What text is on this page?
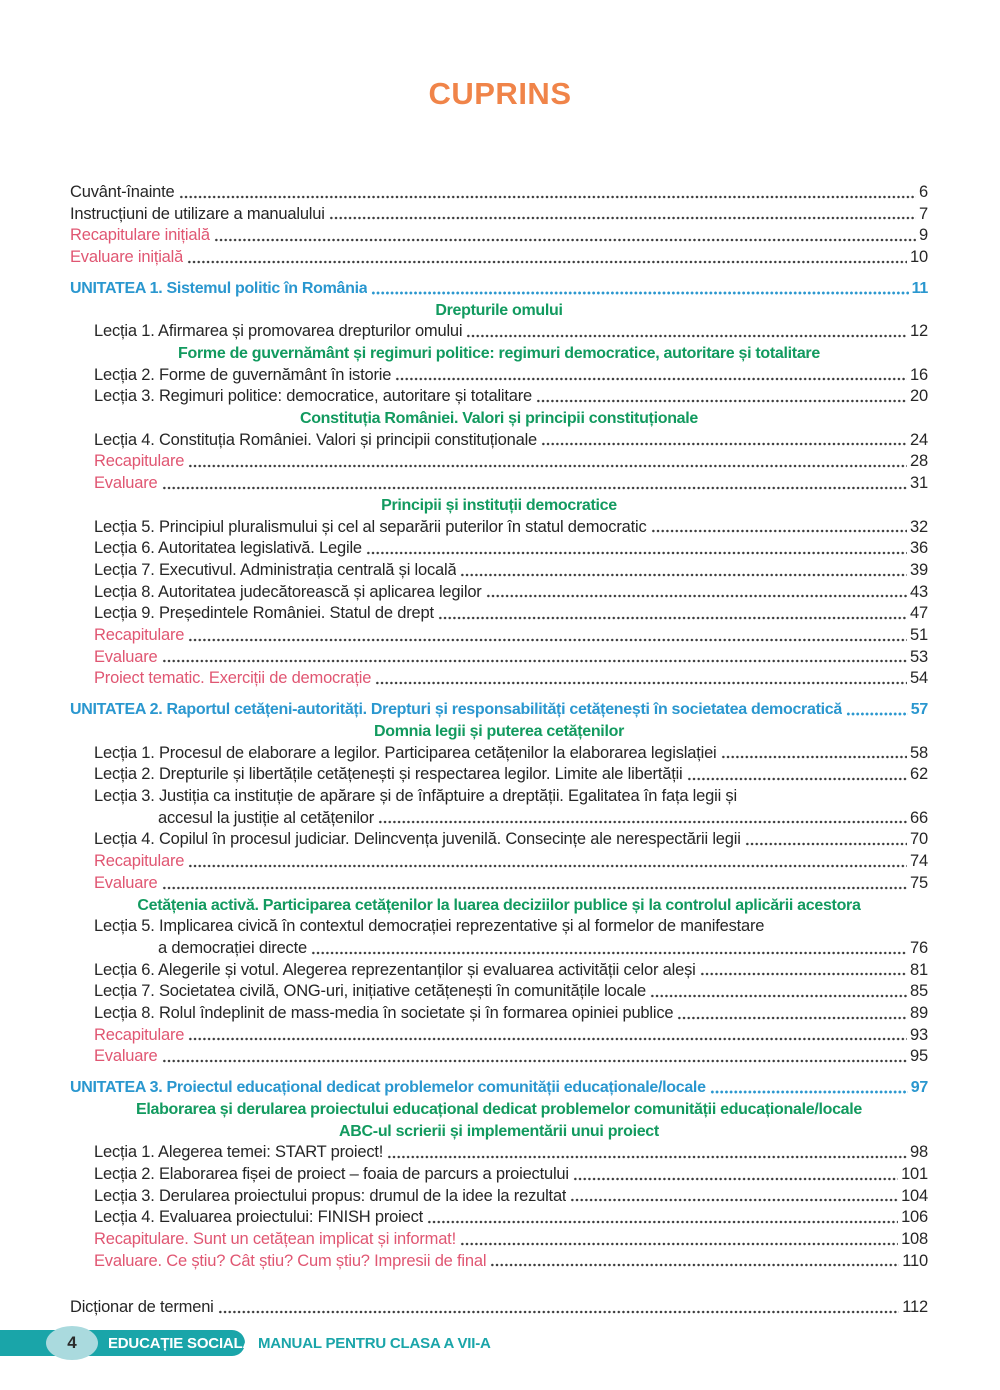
CUPRINS
Cuvânt-înainte	6
Instrucțiuni de utilizare a manualului	7
Recapitulare inițială	9
Evaluare inițială	10
UNITATEA 1. Sistemul politic în România	11
Drepturile omului
Lecția 1. Afirmarea și promovarea drepturilor omului	12
Forme de guvernământ și regimuri politice: regimuri democratice, autoritare și totalitare
Lecția 2. Forme de guvernământ în istorie	16
Lecția 3. Regimuri politice: democratice, autoritare și totalitare	20
Constituția României. Valori și principii constituționale
Lecția 4. Constituția României. Valori și principii constituționale	24
Recapitulare	28
Evaluare	31
Principii și instituții democratice
Lecția 5. Principiul pluralismului și cel al separării puterilor în statul democratic	32
Lecția 6. Autoritatea legislativă. Legile	36
Lecția 7. Executivul. Administrația centrală și locală	39
Lecția 8. Autoritatea judecătorească și aplicarea legilor	43
Lecția 9. Președintele României. Statul de drept	47
Recapitulare	51
Evaluare	53
Proiect tematic. Exerciții de democrație	54
UNITATEA 2. Raportul cetățeni-autorități. Drepturi și responsabilități cetățenești în societatea democratică	57
Domnia legii și puterea cetățenilor
Lecția 1. Procesul de elaborare a legilor. Participarea cetățenilor la elaborarea legislației	58
Lecția 2. Drepturile și libertățile cetățenești și respectarea legilor. Limite ale libertății	62
Lecția 3. Justiția ca instituție de apărare și de înfăptuire a dreptății. Egalitatea în fața legii și
accesul la justiție al cetățenilor	66
Lecția 4. Copilul în procesul judiciar. Delincvența juvenilă. Consecințe ale nerespectării legii	70
Recapitulare	74
Evaluare	75
Cetățenia activă. Participarea cetățenilor la luarea deciziilor publice și la controlul aplicării acestora
Lecția 5. Implicarea civică în contextul democrației reprezentative și al formelor de manifestare
a democrației directe	76
Lecția 6. Alegerile și votul. Alegerea reprezentanților și evaluarea activității celor aleși	81
Lecția 7. Societatea civilă, ONG-uri, inițiative cetățenești în comunitățile locale	85
Lecția 8. Rolul îndeplinit de mass-media în societate și în formarea opiniei publice	89
Recapitulare	93
Evaluare	95
UNITATEA 3. Proiectul educațional dedicat problemelor comunității educaționale/locale	97
Elaborarea și derularea proiectului educațional dedicat problemelor comunității educaționale/locale
ABC-ul scrierii și implementării unui proiect
Lecția 1. Alegerea temei: START proiect!	98
Lecția 2. Elaborarea fișei de proiect – foaia de parcurs a proiectului	101
Lecția 3. Derularea proiectului propus: drumul de la idee la rezultat	104
Lecția 4. Evaluarea proiectului: FINISH proiect	106
Recapitulare. Sunt un cetățean implicat și informat!	108
Evaluare. Ce știu? Cât știu? Cum știu? Impresii de final	110
Dicționar de termeni	112
4 EDUCAȚIE SOCIALĂ MANUAL PENTRU CLASA A VII-A
